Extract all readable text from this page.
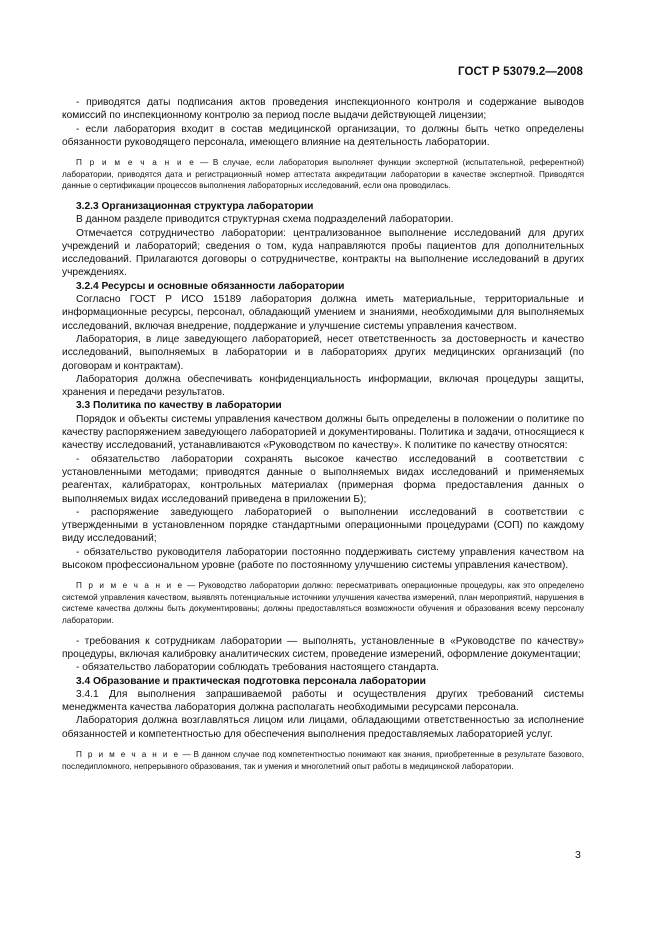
ГОСТ Р 53079.2—2008

- приводятся даты подписания актов проведения инспекционного контроля и содержание выводов комиссий по инспекционному контролю за период после выдачи действующей лицензии;

- если лаборатория входит в состав медицинской организации, то должны быть четко определены обязанности руководящего персонала, имеющего влияние на деятельность лаборатории.

П р и м е ч а н и е — В случае, если лаборатория выполняет функции экспертной (испытательной, референтной) лаборатории, приводятся дата и регистрационный номер аттестата аккредитации лаборатории в качестве экспертной. Приводятся данные о сертификации процессов выполнения лабораторных исследований, если она проводилась.

3.2.3 Организационная структура лаборатории

В данном разделе приводится структурная схема подразделений лаборатории.

Отмечается сотрудничество лаборатории: централизованное выполнение исследований для других учреждений и лабораторий; сведения о том, куда направляются пробы пациентов для дополнительных исследований. Прилагаются договоры о сотрудничестве, контракты на выполнение исследований в других учреждениях.

3.2.4 Ресурсы и основные обязанности лаборатории

Согласно ГОСТ Р ИСО 15189 лаборатория должна иметь материальные, территориальные и информационные ресурсы, персонал, обладающий умением и знаниями, необходимыми для выполняемых исследований, включая внедрение, поддержание и улучшение системы управления качеством.

Лаборатория, в лице заведующего лабораторией, несет ответственность за достоверность и качество исследований, выполняемых в лаборатории и в лабораториях других медицинских организаций (по договорам и контрактам).

Лаборатория должна обеспечивать конфиденциальность информации, включая процедуры защиты, хранения и передачи результатов.

3.3 Политика по качеству в лаборатории

Порядок и объекты системы управления качеством должны быть определены в положении о политике по качеству распоряжением заведующего лабораторией и документированы. Политика и задачи, относящиеся к качеству исследований, устанавливаются «Руководством по качеству». К политике по качеству относятся:

- обязательство лаборатории сохранять высокое качество исследований в соответствии с установленными методами; приводятся данные о выполняемых видах исследований и применяемых реагентах, калибраторах, контрольных материалах (примерная форма предоставления данных о выполняемых видах исследований приведена в приложении Б);

- распоряжение заведующего лабораторией о выполнении исследований в соответствии с утвержденными в установленном порядке стандартными операционными процедурами (СОП) по каждому виду исследований;

- обязательство руководителя лаборатории постоянно поддерживать систему управления качеством на высоком профессиональном уровне (работе по постоянному улучшению системы управления качеством).

П р и м е ч а н и е — Руководство лаборатории должно: пересматривать операционные процедуры, как это определено системой управления качеством, выявлять потенциальные источники улучшения качества измерений, план мероприятий, нарушения в системе качества должны быть документированы; должны предоставляться возможности обучения и образования всему персоналу лаборатории.

- требования к сотрудникам лаборатории — выполнять, установленные в «Руководстве по качеству» процедуры, включая калибровку аналитических систем, проведение измерений, оформление документации;

- обязательство лаборатории соблюдать требования настоящего стандарта.

3.4 Образование и практическая подготовка персонала лаборатории

3.4.1 Для выполнения запрашиваемой работы и осуществления других требований системы менеджмента качества лаборатория должна располагать необходимыми ресурсами персонала.

Лаборатория должна возглавляться лицом или лицами, обладающими ответственностью за исполнение обязанностей и компетентностью для обеспечения выполнения предоставляемых лабораторией услуг.

П р и м е ч а н и е — В данном случае под компетентностью понимают как знания, приобретенные в результате базового, последипломного, непрерывного образования, так и умения и многолетний опыт работы в медицинской лаборатории.

3
